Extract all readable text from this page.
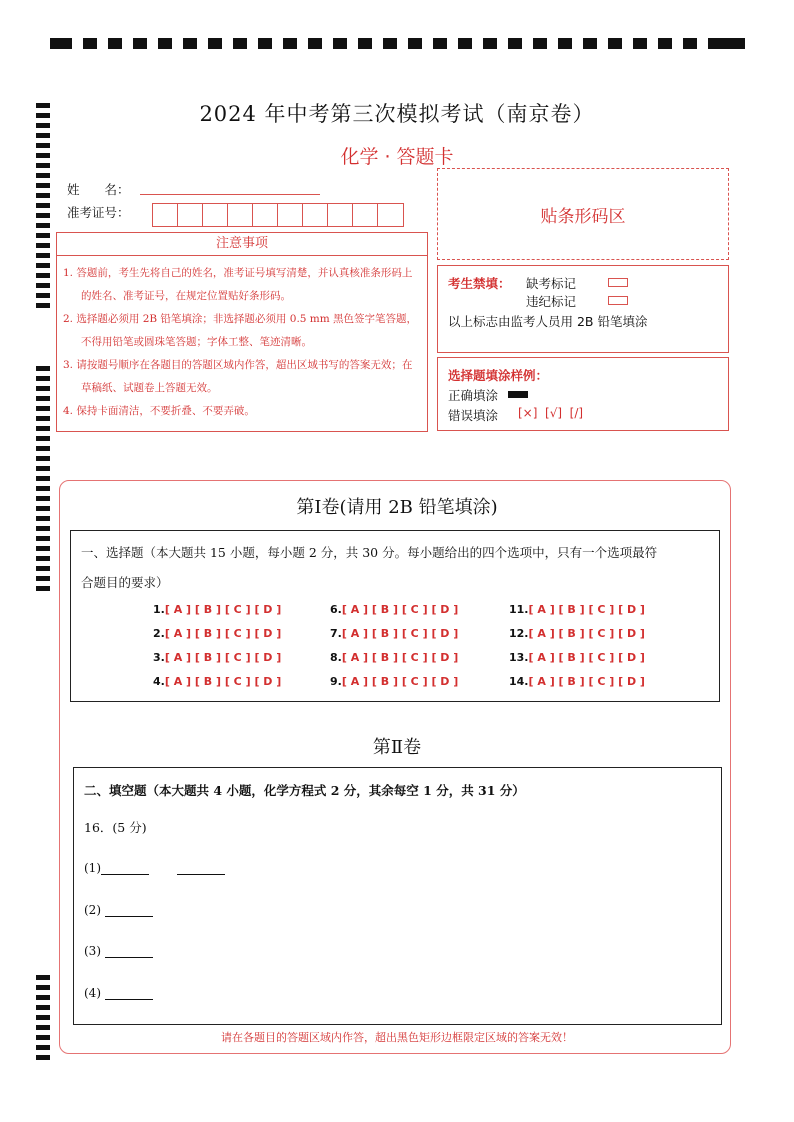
2024 年中考第三次模拟考试（南京卷）
化学 · 答题卡
姓　　名：
准考证号：	贴条形码区
注意事项
1. 答题前，考生先将自己的姓名，准考证号填写清楚，并认真核准条形码上的姓名、准考证号，在规定位置贴好条形码。
2. 选择题必须用 2B 铅笔填涂；非选择题必须用 0.5 mm 黑色签字笔答题，不得用铅笔或圆珠笔答题；字体工整、笔迹清晰。
3. 请按题号顺序在各题目的答题区域内作答，超出区域书写的答案无效；在草稿纸、试题卷上答题无效。
4. 保持卡面清洁，不要折叠、不要弄破。
考生禁填： 缺考标记
违纪标记
以上标志由监考人员用 2B 铅笔填涂
选择题填涂样例：
正确填涂
错误填涂 [×]  [√]  [/]
第Ⅰ卷(请用 2B 铅笔填涂)
一、选择题（本大题共 15 小题，每小题 2 分，共 30 分。每小题给出的四个选项中，只有一个选项最符
合题目的要求）
1.[ A ] [ B ] [ C ] [ D ]
2.[ A ] [ B ] [ C ] [ D ]
3.[ A ] [ B ] [ C ] [ D ]
4.[ A ] [ B ] [ C ] [ D ]
6.[ A ] [ B ] [ C ] [ D ]
7.[ A ] [ B ] [ C ] [ D ]
8.[ A ] [ B ] [ C ] [ D ]
9.[ A ] [ B ] [ C ] [ D ]
11.[ A ] [ B ] [ C ] [ D ]
12.[ A ] [ B ] [ C ] [ D ]
13.[ A ] [ B ] [ C ] [ D ]
14.[ A ] [ B ] [ C ] [ D ]
第Ⅱ卷
二、填空题（本大题共 4 小题，化学方程式 2 分，其余每空 1 分，共 31 分）
16．(5 分)
(1)
(2)
(3)
(4)
请在各题目的答题区域内作答，超出黑色矩形边框限定区域的答案无效！
